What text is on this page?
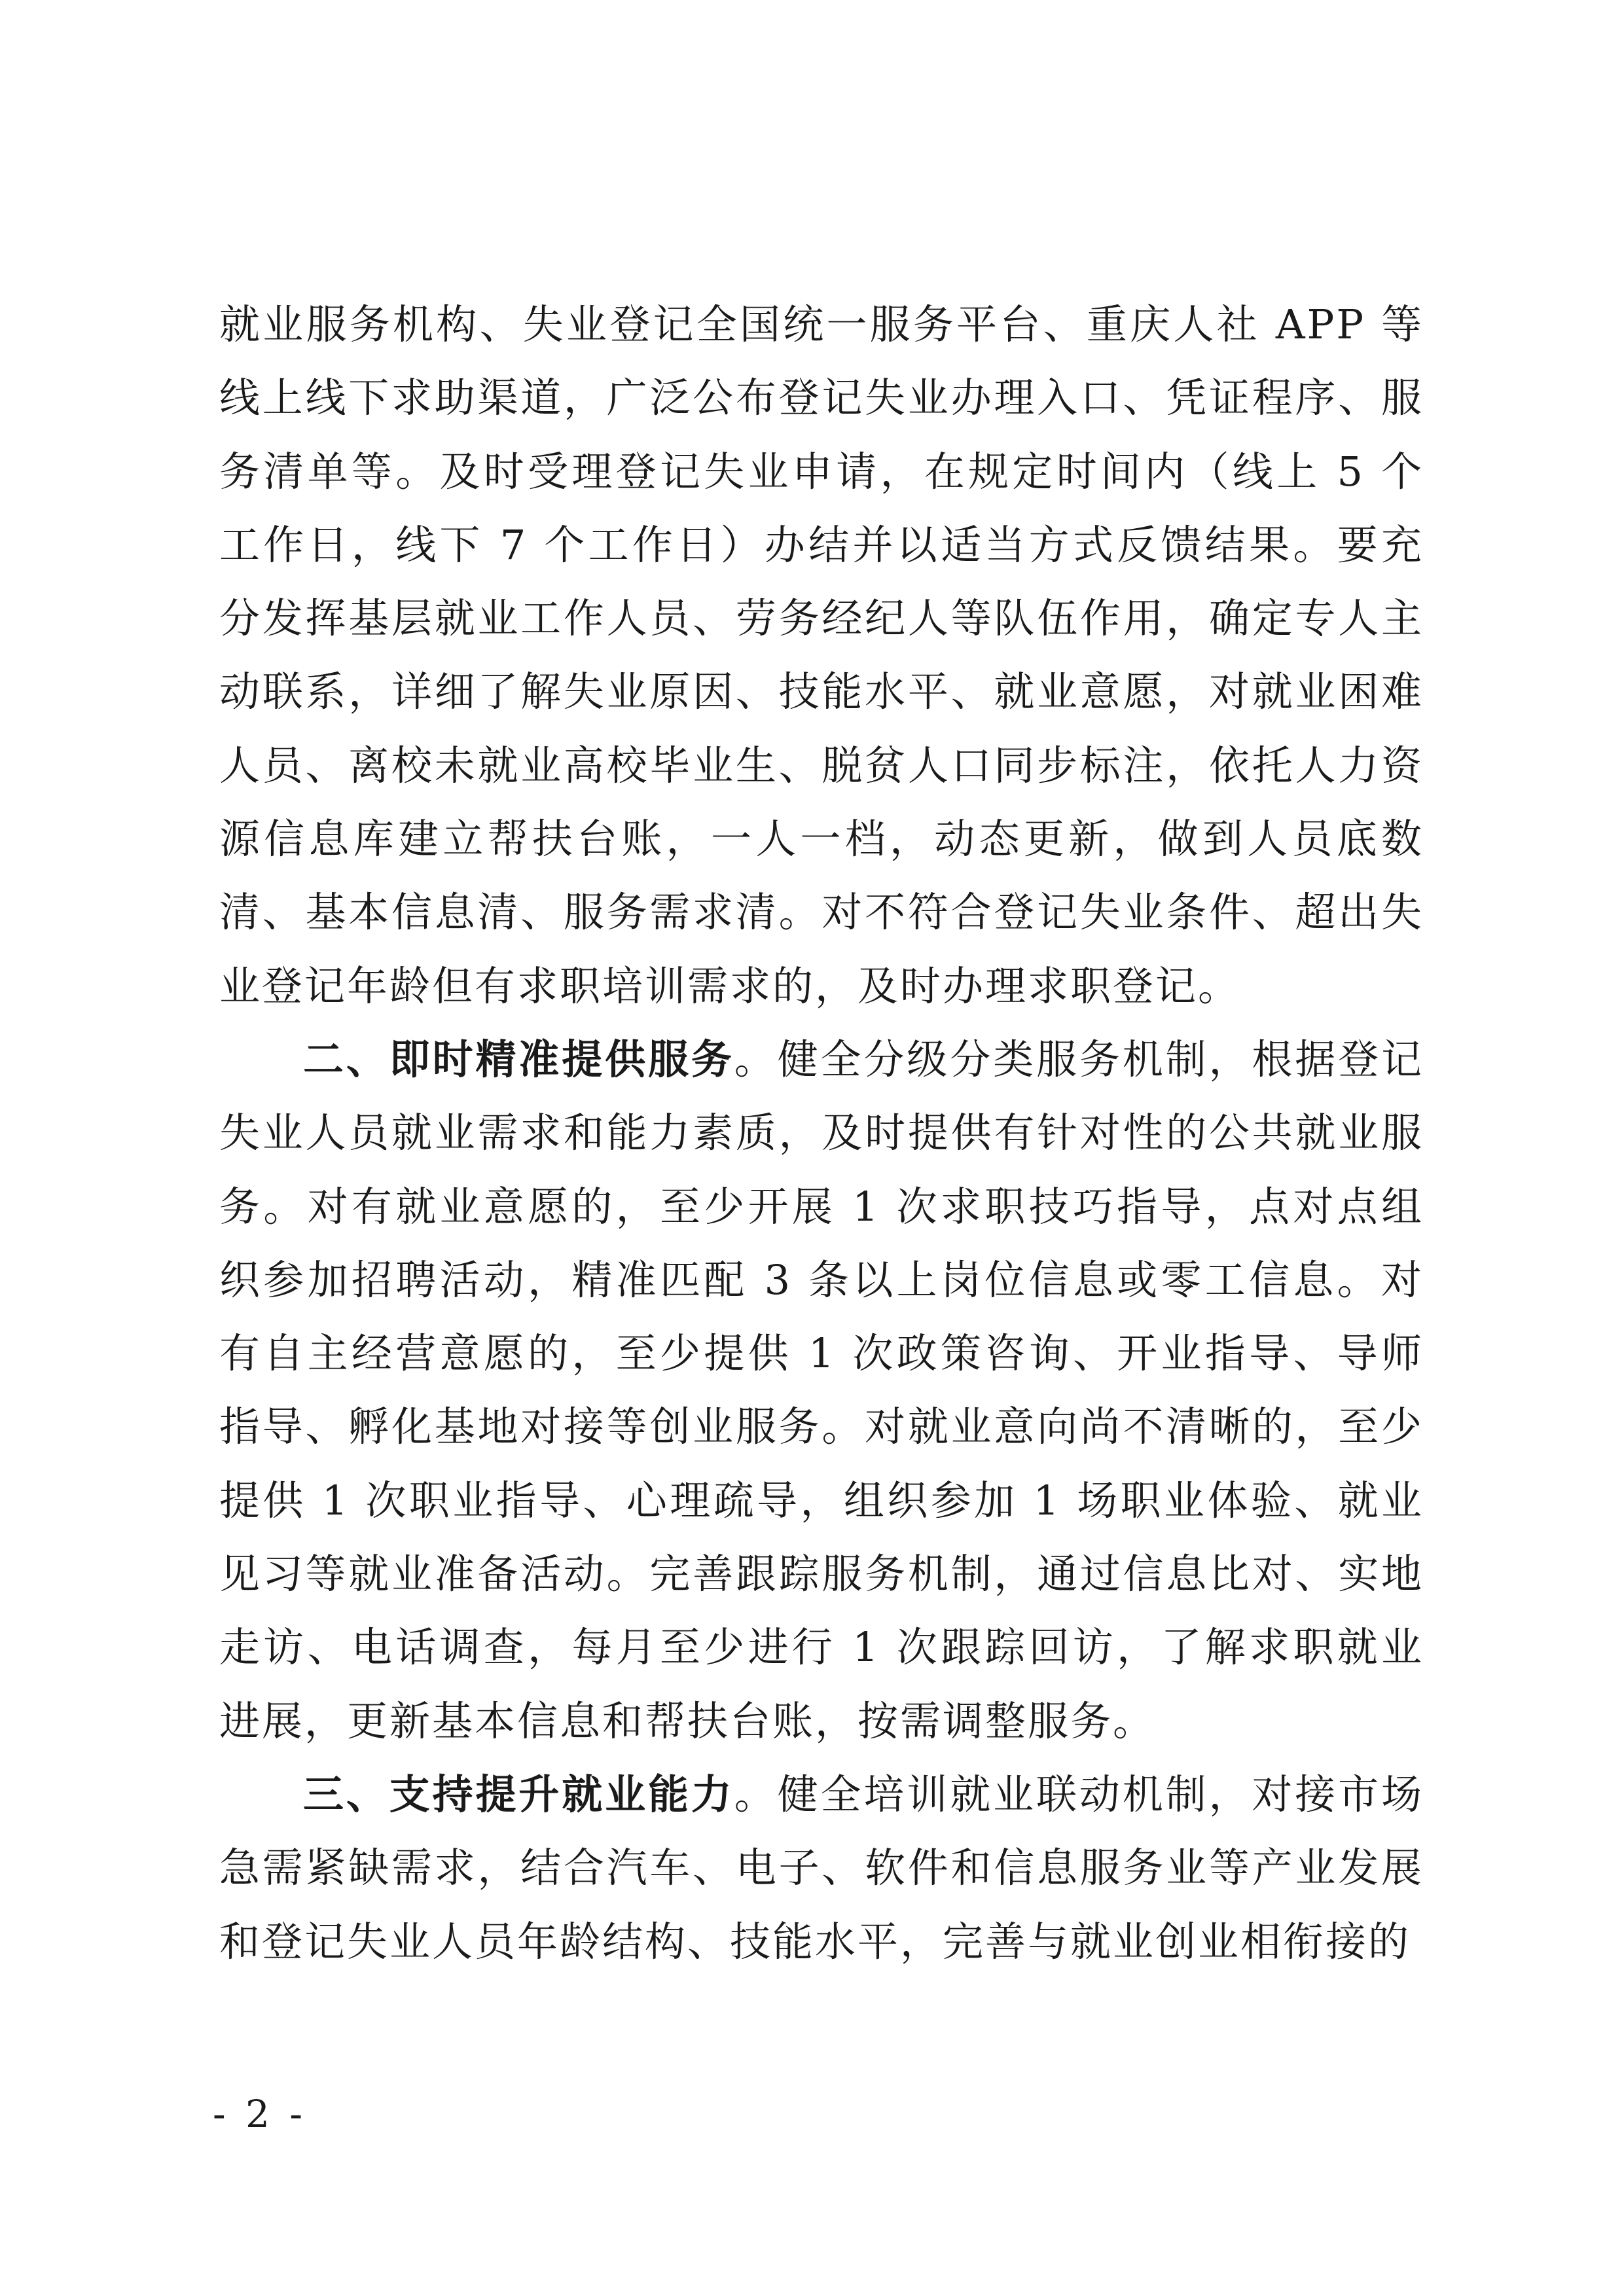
就业服务机构、失业登记全国统一服务平台、重庆人社 APP 等线上线下求助渠道，广泛公布登记失业办理入口、凭证程序、服务清单等。及时受理登记失业申请，在规定时间内（线上 5 个工作日，线下 7 个工作日）办结并以适当方式反馈结果。要充分发挥基层就业工作人员、劳务经纪人等队伍作用，确定专人主动联系，详细了解失业原因、技能水平、就业意愿，对就业困难人员、离校未就业高校毕业生、脱贫人口同步标注，依托人力资源信息库建立帮扶台账，一人一档，动态更新，做到人员底数清、基本信息清、服务需求清。对不符合登记失业条件、超出失业登记年龄但有求职培训需求的，及时办理求职登记。

二、即时精准提供服务。健全分级分类服务机制，根据登记失业人员就业需求和能力素质，及时提供有针对性的公共就业服务。对有就业意愿的，至少开展 1 次求职技巧指导，点对点组织参加招聘活动，精准匹配 3 条以上岗位信息或零工信息。对有自主经营意愿的，至少提供 1 次政策咨询、开业指导、导师指导、孵化基地对接等创业服务。对就业意向尚不清晰的，至少提供 1 次职业指导、心理疏导，组织参加 1 场职业体验、就业见习等就业准备活动。完善跟踪服务机制，通过信息比对、实地走访、电话调查，每月至少进行 1 次跟踪回访，了解求职就业进展，更新基本信息和帮扶台账，按需调整服务。

三、支持提升就业能力。健全培训就业联动机制，对接市场急需紧缺需求，结合汽车、电子、软件和信息服务业等产业发展和登记失业人员年龄结构、技能水平，完善与就业创业相衔接的

- 2 -
